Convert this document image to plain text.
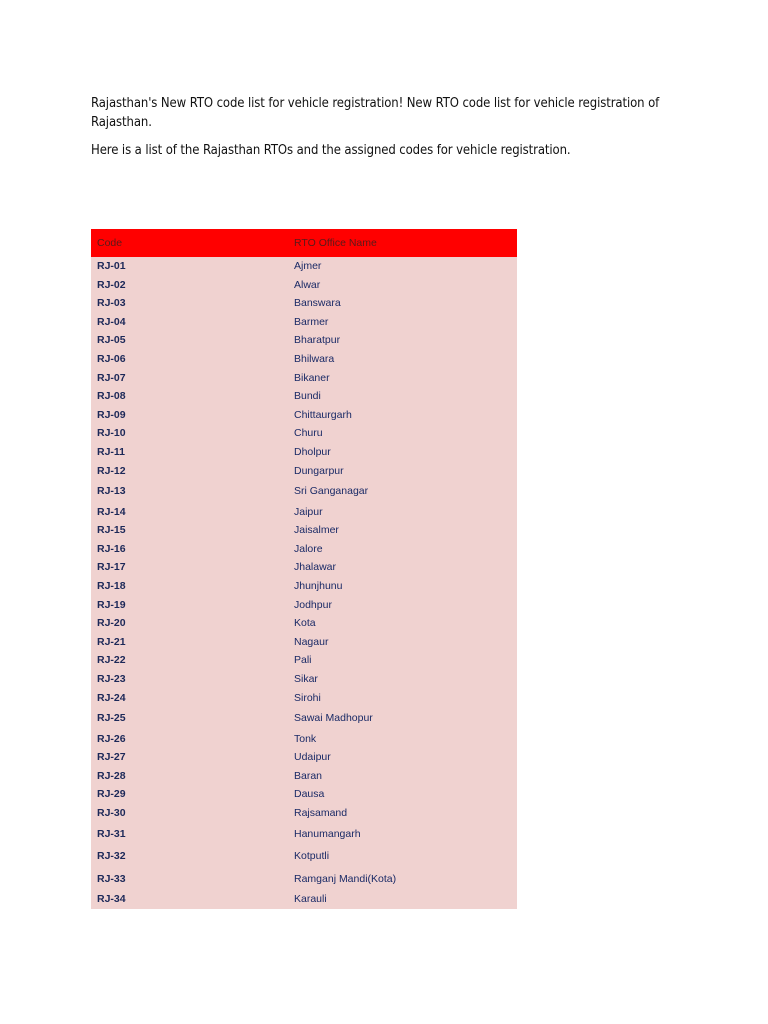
Rajasthan's New RTO code list for vehicle registration! New RTO code list for vehicle registration of Rajasthan.
Here is a list of the Rajasthan RTOs and the assigned codes for vehicle registration.
Code	RTO Office Name
RJ-01	Ajmer
RJ-02	Alwar
RJ-03	Banswara
RJ-04	Barmer
RJ-05	Bharatpur
RJ-06	Bhilwara
RJ-07	Bikaner
RJ-08	Bundi
RJ-09	Chittaurgarh
RJ-10	Churu
RJ-11	Dholpur
RJ-12	Dungarpur
RJ-13	Sri Ganganagar
RJ-14	Jaipur
RJ-15	Jaisalmer
RJ-16	Jalore
RJ-17	Jhalawar
RJ-18	Jhunjhunu
RJ-19	Jodhpur
RJ-20	Kota
RJ-21	Nagaur
RJ-22	Pali
RJ-23	Sikar
RJ-24	Sirohi
RJ-25	Sawai Madhopur
RJ-26	Tonk
RJ-27	Udaipur
RJ-28	Baran
RJ-29	Dausa
RJ-30	Rajsamand
RJ-31	Hanumangarh
RJ-32	Kotputli
RJ-33	Ramganj Mandi(Kota)
RJ-34	Karauli
